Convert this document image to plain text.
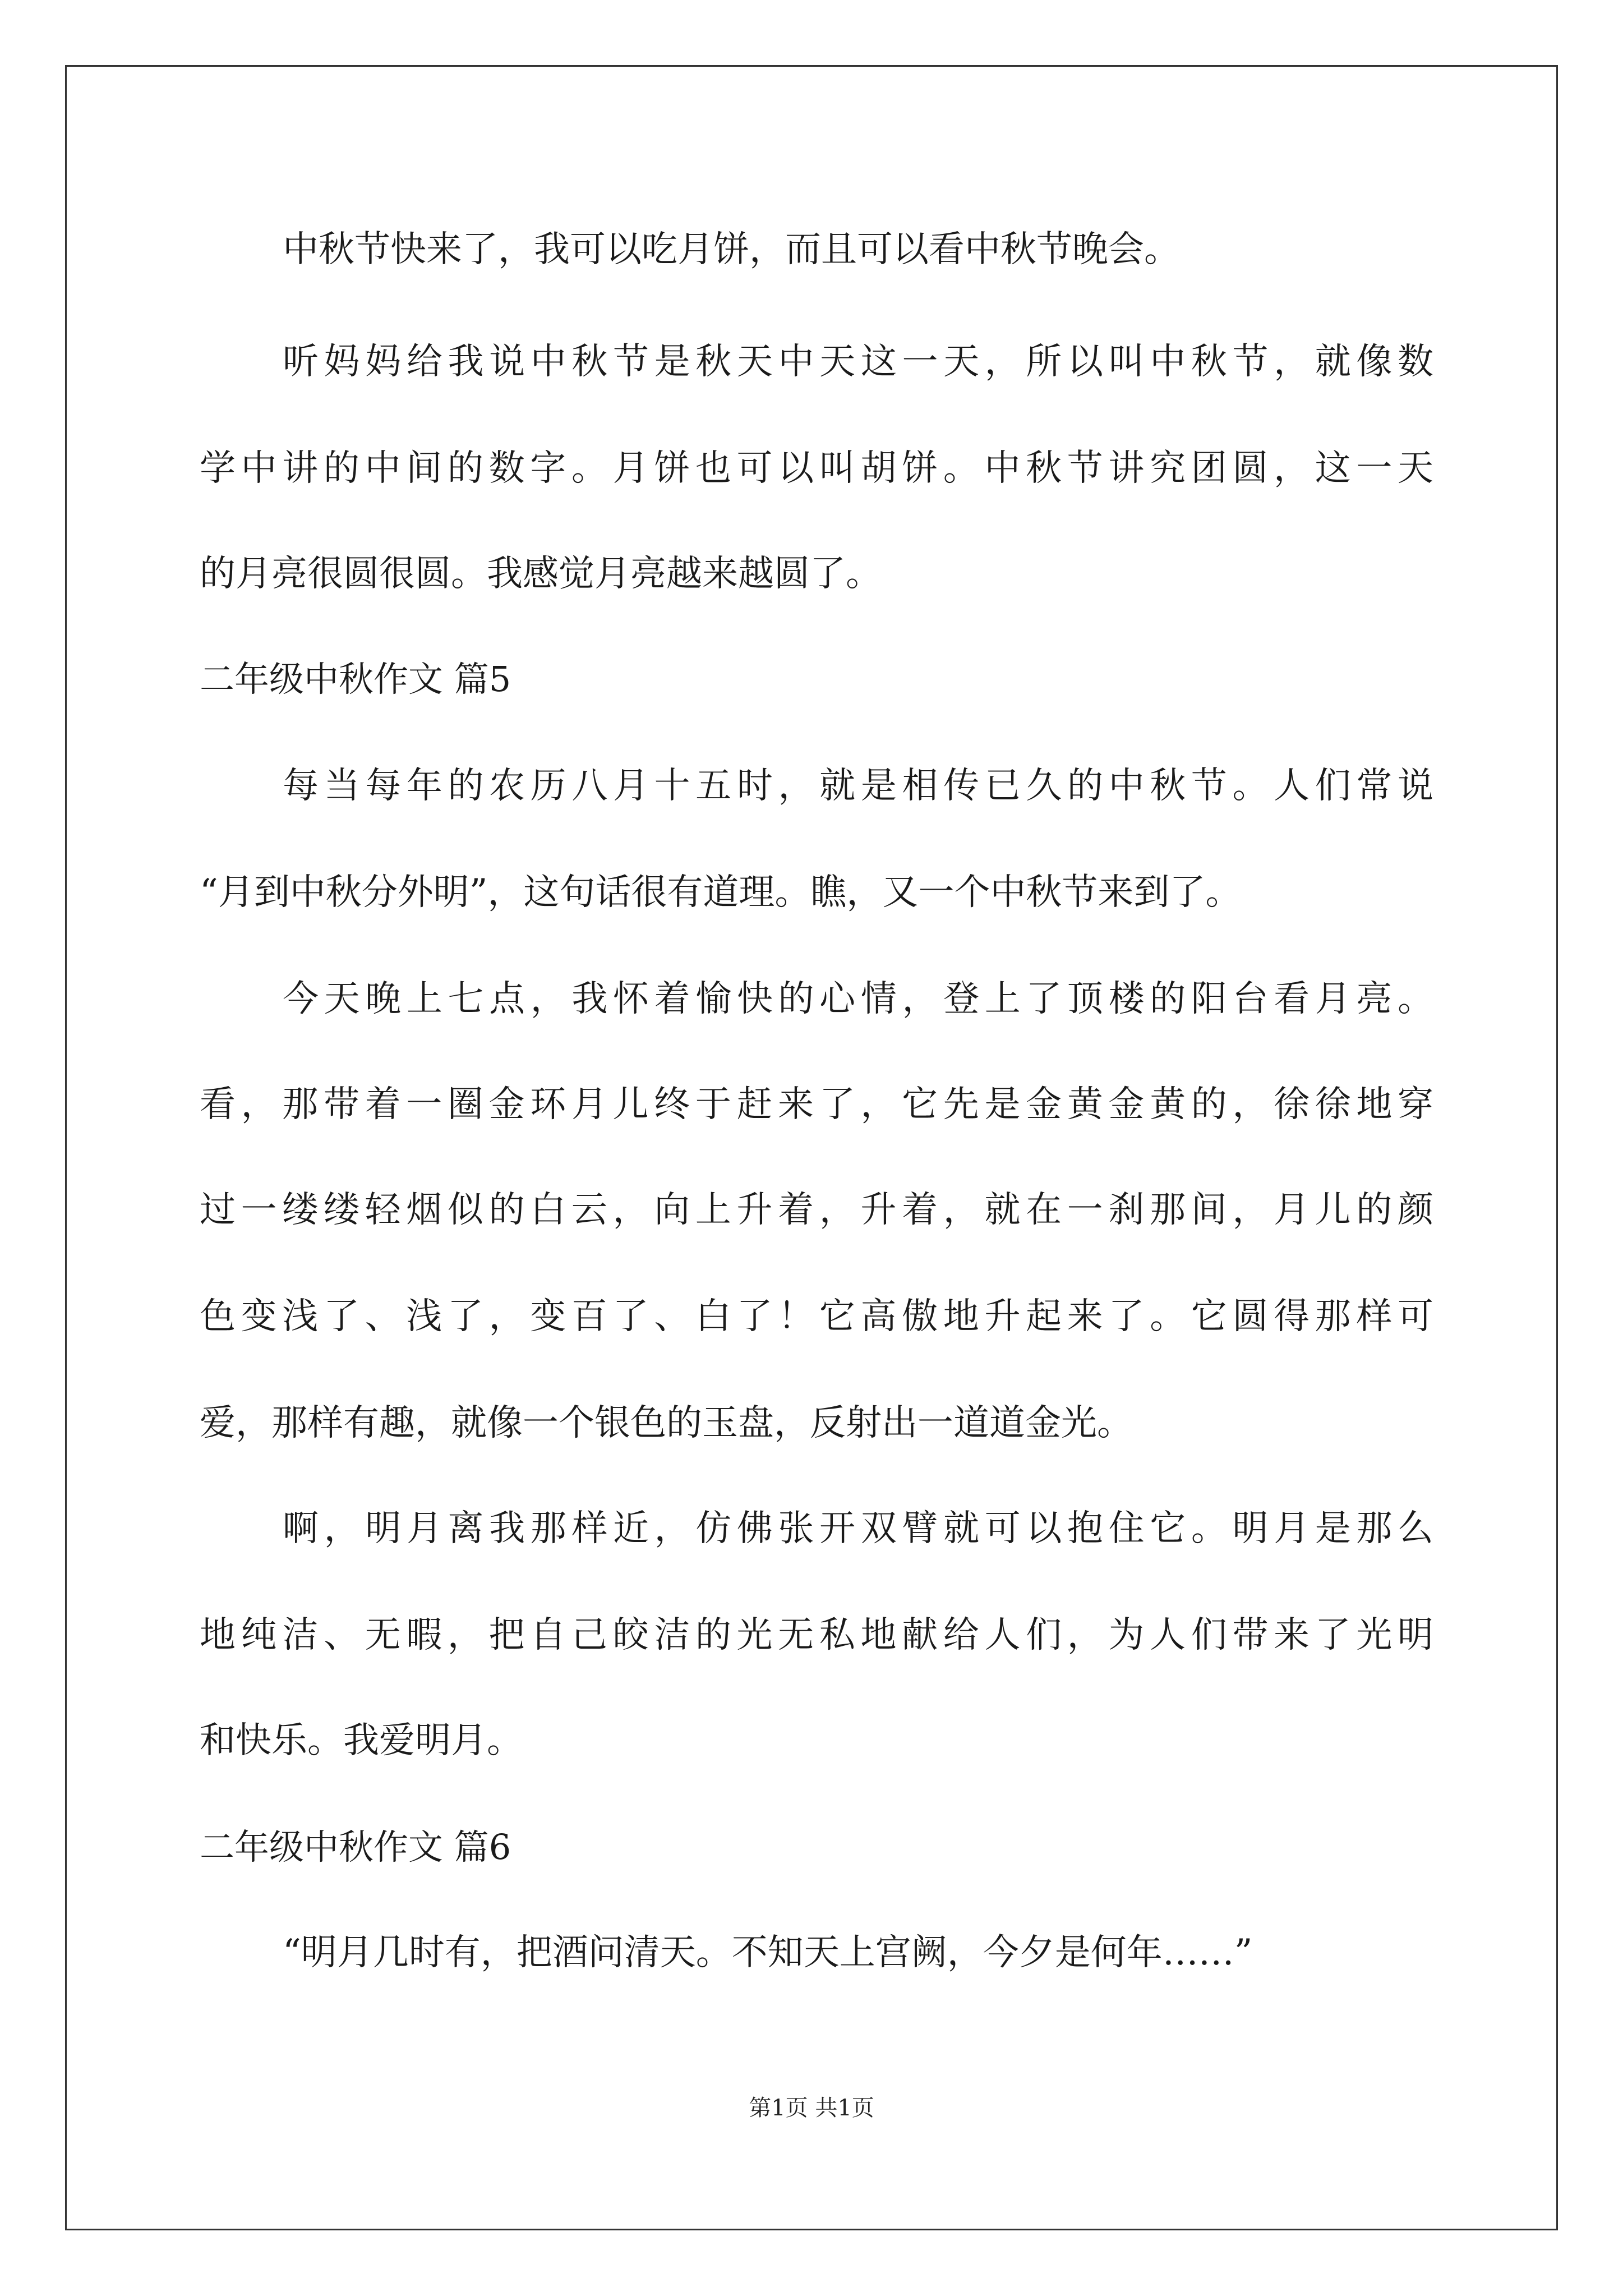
中秋节快来了，我可以吃月饼，而且可以看中秋节晚会。
听妈妈给我说中秋节是秋天中天这一天，所以叫中秋节，就像数
学中讲的中间的数字。月饼也可以叫胡饼。中秋节讲究团圆，这一天
的月亮很圆很圆。我感觉月亮越来越圆了。
二年级中秋作文 篇5
每当每年的农历八月十五时，就是相传已久的中秋节。人们常说
“月到中秋分外明”，这句话很有道理。瞧，又一个中秋节来到了。
今天晚上七点，我怀着愉快的心情，登上了顶楼的阳台看月亮。
看，那带着一圈金环月儿终于赶来了，它先是金黄金黄的，徐徐地穿
过一缕缕轻烟似的白云，向上升着，升着，就在一刹那间，月儿的颜
色变浅了、浅了，变百了、白了！它高傲地升起来了。它圆得那样可
爱，那样有趣，就像一个银色的玉盘，反射出一道道金光。
啊，明月离我那样近，仿佛张开双臂就可以抱住它。明月是那么
地纯洁、无暇，把自己皎洁的光无私地献给人们，为人们带来了光明
和快乐。我爱明月。
二年级中秋作文 篇6
“明月几时有，把酒问清天。不知天上宫阙，今夕是何年……”
第1页 共1页
